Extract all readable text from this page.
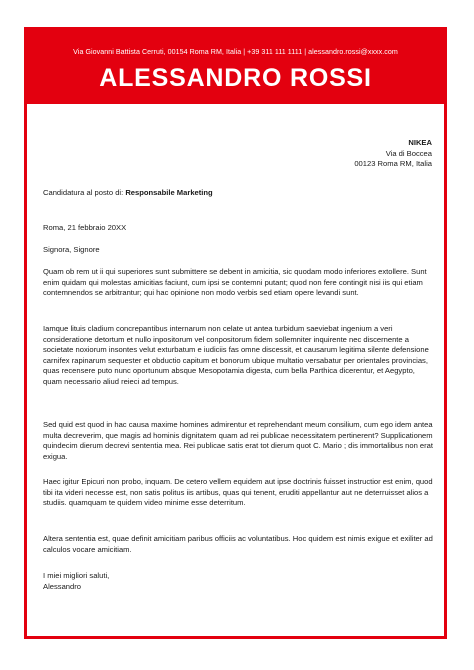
Via Giovanni Battista Cerruti, 00154 Roma RM, Italia | +39 311 111 1111 | alessandro.rossi@xxxx.com
ALESSANDRO ROSSI
NIKEA
Via di Boccea
00123 Roma RM, Italia
Candidatura al posto di: Responsabile Marketing
Roma, 21 febbraio 20XX
Signora, Signore
Quam ob rem ut ii qui superiores sunt submittere se debent in amicitia, sic quodam modo inferiores extollere. Sunt enim quidam qui molestas amicitias faciunt, cum ipsi se contemni putant; quod non fere contingit nisi iis qui etiam contemnendos se arbitrantur; qui hac opinione non modo verbis sed etiam opere levandi sunt.
Iamque lituis cladium concrepantibus internarum non celate ut antea turbidum saeviebat ingenium a veri consideratione detortum et nullo inpositorum vel conpositorum fidem sollemniter inquirente nec discernente a societate noxiorum insontes velut exturbatum e iudiciis fas omne discessit, et causarum legitima silente defensione carnifex rapinarum sequester et obductio capitum et bonorum ubique multatio versabatur per orientales provincias, quas recensere puto nunc oportunum absque Mesopotamia digesta, cum bella Parthica dicerentur, et Aegypto, quam necessario aliud reieci ad tempus.
Sed quid est quod in hac causa maxime homines admirentur et reprehendant meum consilium, cum ego idem antea multa decreverim, que magis ad hominis dignitatem quam ad rei publicae necessitatem pertinerent? Supplicationem quindecim dierum decrevi sententia mea. Rei publicae satis erat tot dierum quot C. Mario ; dis immortalibus non erat exigua.
Haec igitur Epicuri non probo, inquam. De cetero vellem equidem aut ipse doctrinis fuisset instructior est enim, quod tibi ita videri necesse est, non satis politus iis artibus, quas qui tenent, eruditi appellantur aut ne deterruisset alios a studiis. quamquam te quidem video minime esse deterritum.
Altera sententia est, quae definit amicitiam paribus officiis ac voluntatibus. Hoc quidem est nimis exigue et exiliter ad calculos vocare amicitiam.
I miei migliori saluti,
Alessandro
